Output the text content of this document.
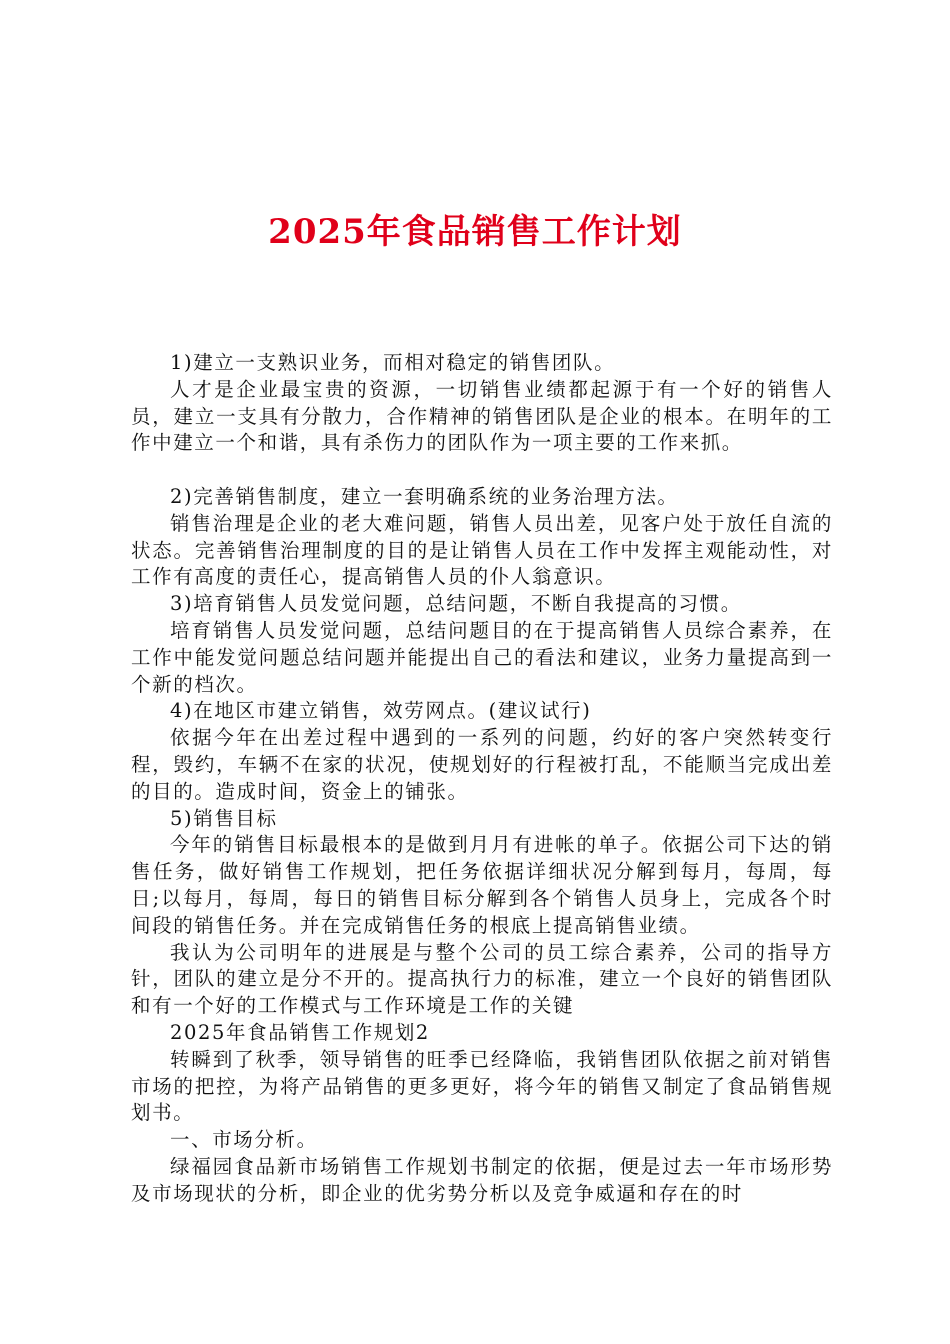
2025年食品销售工作计划

1)建立一支熟识业务，而相对稳定的销售团队。

人才是企业最宝贵的资源，一切销售业绩都起源于有一个好的销售人员，建立一支具有分散力，合作精神的销售团队是企业的根本。在明年的工作中建立一个和谐，具有杀伤力的团队作为一项主要的工作来抓。

2)完善销售制度，建立一套明确系统的业务治理方法。

销售治理是企业的老大难问题，销售人员出差，见客户处于放任自流的状态。完善销售治理制度的目的是让销售人员在工作中发挥主观能动性，对工作有高度的责任心，提高销售人员的仆人翁意识。

3)培育销售人员发觉问题，总结问题，不断自我提高的习惯。

培育销售人员发觉问题，总结问题目的在于提高销售人员综合素养，在工作中能发觉问题总结问题并能提出自己的看法和建议，业务力量提高到一个新的档次。

4)在地区市建立销售，效劳网点。(建议试行)

依据今年在出差过程中遇到的一系列的问题，约好的客户突然转变行程，毁约，车辆不在家的状况，使规划好的行程被打乱，不能顺当完成出差的目的。造成时间，资金上的铺张。

5)销售目标

今年的销售目标最根本的是做到月月有进帐的单子。依据公司下达的销售任务，做好销售工作规划，把任务依据详细状况分解到每月，每周，每日;以每月，每周，每日的销售目标分解到各个销售人员身上，完成各个时间段的销售任务。并在完成销售任务的根底上提高销售业绩。

我认为公司明年的进展是与整个公司的员工综合素养，公司的指导方针，团队的建立是分不开的。提高执行力的标准，建立一个良好的销售团队和有一个好的工作模式与工作环境是工作的关键

2025年食品销售工作规划2

转瞬到了秋季，领导销售的旺季已经降临，我销售团队依据之前对销售市场的把控，为将产品销售的更多更好，将今年的销售又制定了食品销售规划书。

一、市场分析。

绿福园食品新市场销售工作规划书制定的依据，便是过去一年市场形势及市场现状的分析，即企业的优劣势分析以及竞争威逼和存在的时
